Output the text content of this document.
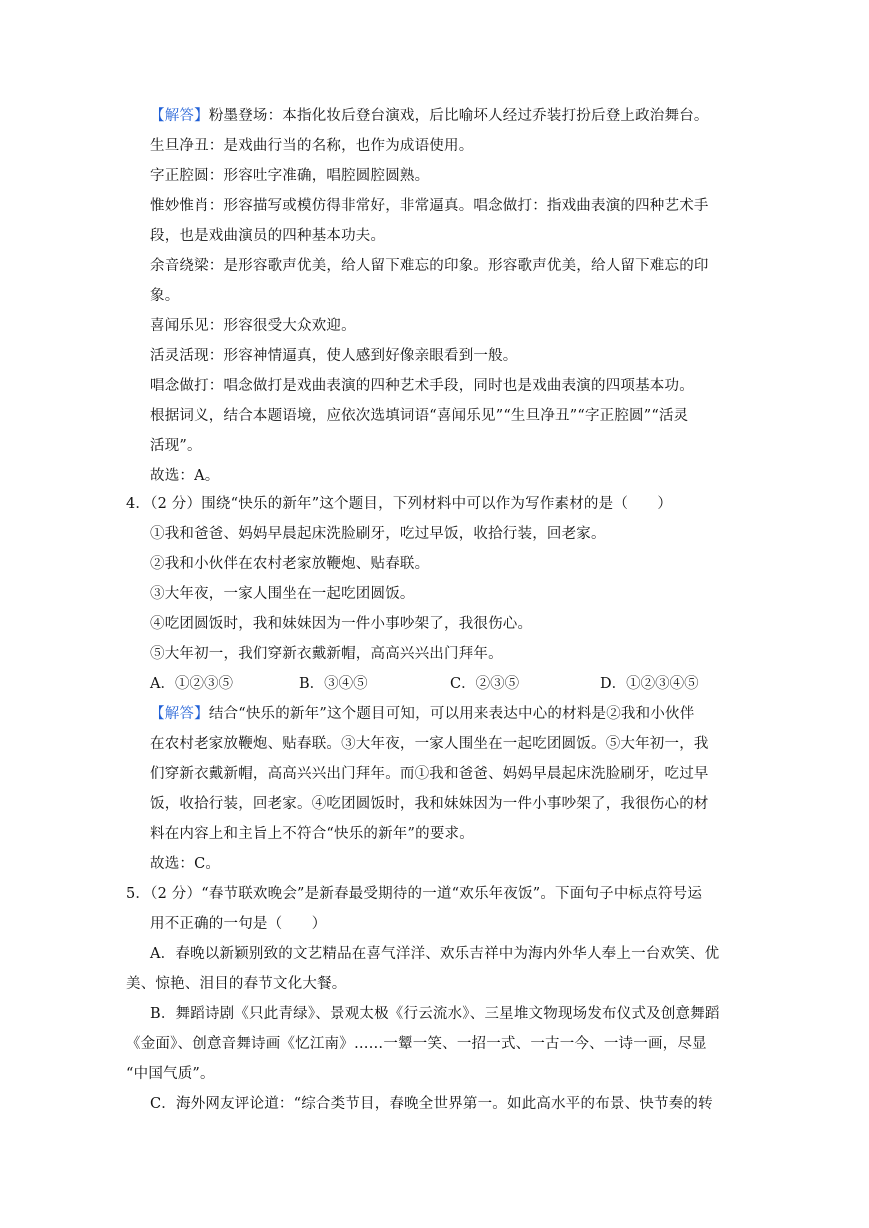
【解答】粉墨登场：本指化妆后登台演戏，后比喻坏人经过乔装打扮后登上政治舞台。
生旦净丑：是戏曲行当的名称，也作为成语使用。
字正腔圆：形容吐字准确，唱腔圆腔圆熟。
惟妙惟肖：形容描写或模仿得非常好，非常逼真。唱念做打：指戏曲表演的四种艺术手
段，也是戏曲演员的四种基本功夫。
余音绕梁：是形容歌声优美，给人留下难忘的印象。形容歌声优美，给人留下难忘的印
象。
喜闻乐见：形容很受大众欢迎。
活灵活现：形容神情逼真，使人感到好像亲眼看到一般。
唱念做打：唱念做打是戏曲表演的四种艺术手段，同时也是戏曲表演的四项基本功。
根据词义，结合本题语境，应依次选填词语“喜闻乐见”“生旦净丑”“字正腔圆”“活灵
活现”。
故选：A。
4．（2 分）围绕“快乐的新年”这个题目，下列材料中可以作为写作素材的是（　　）
①我和爸爸、妈妈早晨起床洗脸刷牙，吃过早饭，收拾行装，回老家。
②我和小伙伴在农村老家放鞭炮、贴春联。
③大年夜，一家人围坐在一起吃团圆饭。
④吃团圆饭时，我和妹妹因为一件小事吵架了，我很伤心。
⑤大年初一，我们穿新衣戴新帽，高高兴兴出门拜年。
A．①②③⑤	B．③④⑤	C．②③⑤	D．①②③④⑤
【解答】结合“快乐的新年”这个题目可知，可以用来表达中心的材料是②我和小伙伴
在农村老家放鞭炮、贴春联。③大年夜，一家人围坐在一起吃团圆饭。⑤大年初一，我
们穿新衣戴新帽，高高兴兴出门拜年。而①我和爸爸、妈妈早晨起床洗脸刷牙，吃过早
饭，收拾行装，回老家。④吃团圆饭时，我和妹妹因为一件小事吵架了，我很伤心的材
料在内容上和主旨上不符合“快乐的新年”的要求。
故选：C。
5．（2 分）“春节联欢晚会”是新春最受期待的一道“欢乐年夜饭”。下面句子中标点符号运
用不正确的一句是（　　）
A．春晚以新颖别致的文艺精品在喜气洋洋、欢乐吉祥中为海内外华人奉上一台欢笑、优
美、惊艳、泪目的春节文化大餐。
B．舞蹈诗剧《只此青绿》、景观太极《行云流水》、三星堆文物现场发布仪式及创意舞蹈
《金面》、创意音舞诗画《忆江南》……一颦一笑、一招一式、一古一今、一诗一画，尽显
“中国气质”。
C．海外网友评论道：“综合类节目，春晚全世界第一。如此高水平的布景、快节奏的转
